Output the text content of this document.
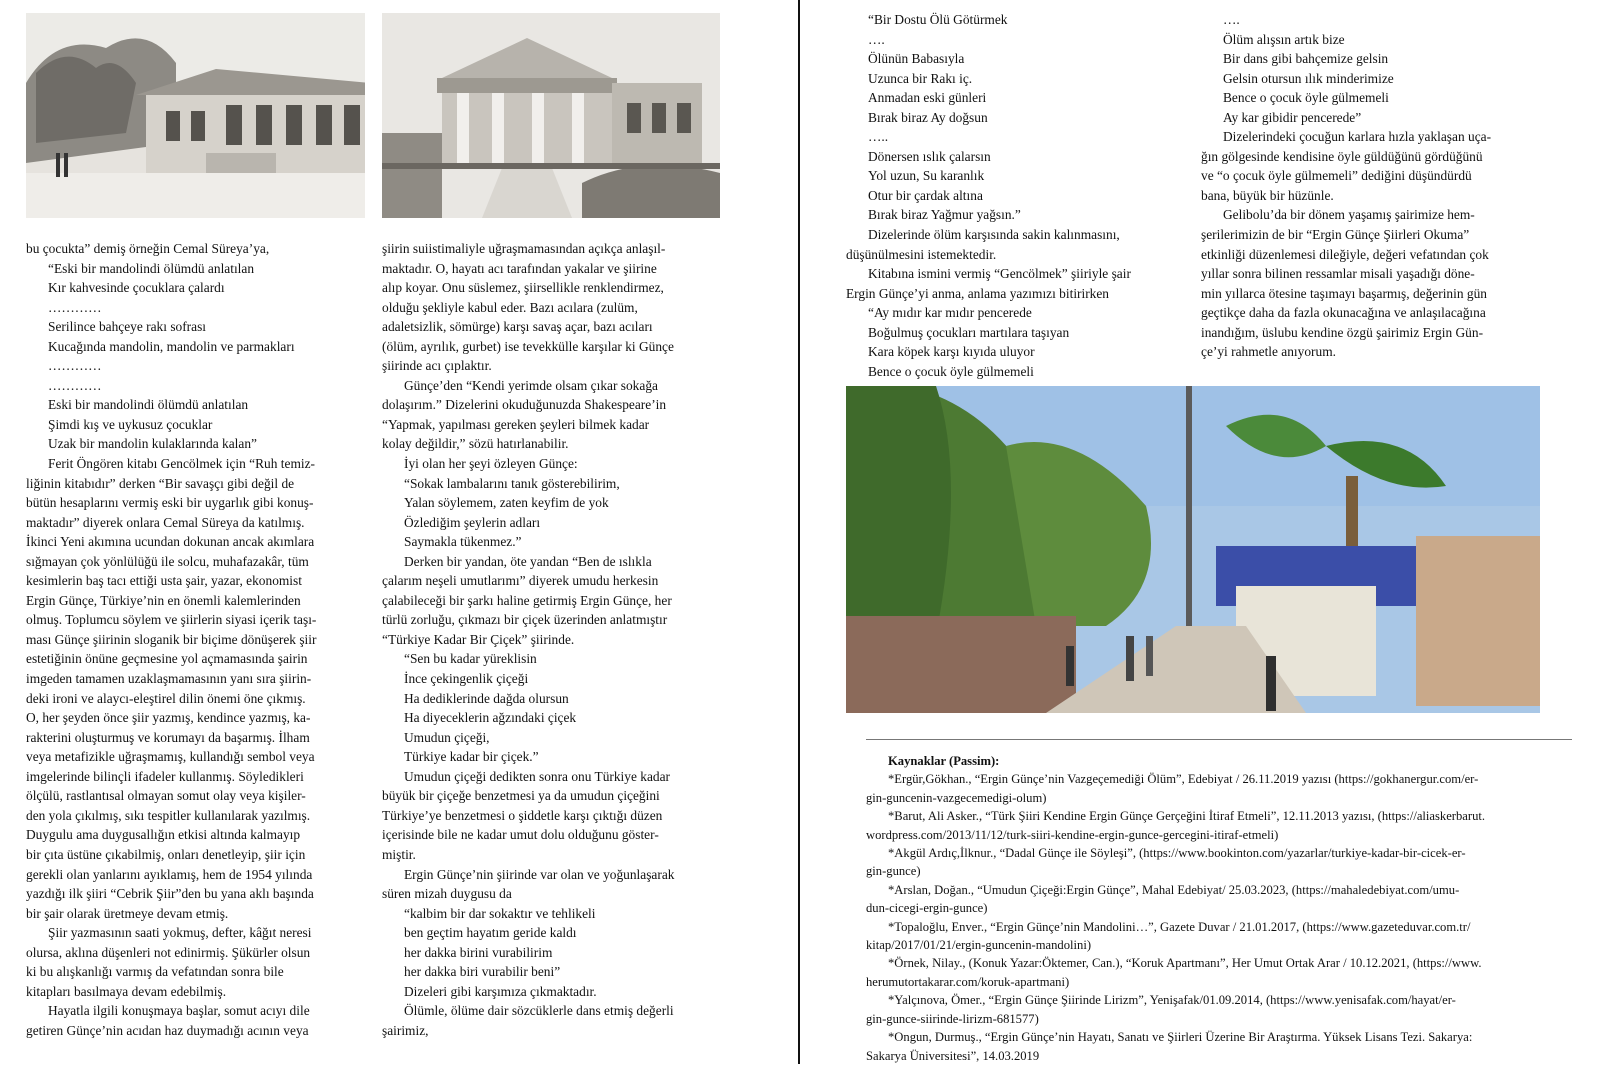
bu çocukta” demiş örneğin Cemal Süreya’ya,

“Eski bir mandolindi ölümdü anlatılan

Kır kahvesinde çocuklara çalardı

…………

Serilince bahçeye rakı sofrası

Kucağında mandolin, mandolin ve parmakları

…………

…………

Eski bir mandolindi ölümdü anlatılan

Şimdi kış ve uykusuz çocuklar

Uzak bir mandolin kulaklarında kalan”

Ferit Öngören kitabı Gencölmek için “Ruh temiz-

liğinin kitabıdır” derken “Bir savaşçı gibi değil de

bütün hesaplarını vermiş eski bir uygarlık gibi konuş-

maktadır” diyerek onlara Cemal Süreya da katılmış.

İkinci Yeni akımına ucundan dokunan ancak akımlara

sığmayan çok yönlülüğü ile solcu, muhafazakâr, tüm

kesimlerin baş tacı ettiği usta şair, yazar, ekonomist

Ergin Günçe, Türkiye’nin en önemli kalemlerinden

olmuş. Toplumcu söylem ve şiirlerin siyasi içerik taşı-

ması Günçe şiirinin sloganik bir biçime dönüşerek şiir

estetiğinin önüne geçmesine yol açmamasında şairin

imgeden tamamen uzaklaşmamasının yanı sıra şiirin-

deki ironi ve alaycı-eleştirel dilin önemi öne çıkmış.

O, her şeyden önce şiir yazmış, kendince yazmış, ka-

rakterini oluşturmuş ve korumayı da başarmış. İlham

veya metafizikle uğraşmamış, kullandığı sembol veya

imgelerinde bilinçli ifadeler kullanmış. Söyledikleri

ölçülü, rastlantısal olmayan somut olay veya kişiler-

den yola çıkılmış, sıkı tespitler kullanılarak yazılmış.

Duygulu ama duygusallığın etkisi altında kalmayıp

bir çıta üstüne çıkabilmiş, onları denetleyip, şiir için

gerekli olan yanlarını ayıklamış, hem de 1954 yılında

yazdığı ilk şiiri “Cebrik Şiir”den bu yana aklı başında

bir şair olarak üretmeye devam etmiş.

Şiir yazmasının saati yokmuş, defter, kâğıt neresi

olursa, aklına düşenleri not edinirmiş. Şükürler olsun

ki bu alışkanlığı varmış da vefatından sonra bile

kitapları basılmaya devam edebilmiş.

Hayatla ilgili konuşmaya başlar, somut acıyı dile

getiren Günçe’nin acıdan haz duymadığı acının veya

şiirin suiistimaliyle uğraşmamasından açıkça anlaşıl-

maktadır. O, hayatı acı tarafından yakalar ve şiirine

alıp koyar. Onu süslemez, şiirsellikle renklendirmez,

olduğu şekliyle kabul eder. Bazı acılara (zulüm,

adaletsizlik, sömürge) karşı savaş açar, bazı acıları

(ölüm, ayrılık, gurbet) ise tevekkülle karşılar ki Günçe

şiirinde acı çıplaktır.

Günçe’den “Kendi yerimde olsam çıkar sokağa

dolaşırım.” Dizelerini okuduğunuzda Shakespeare’in

“Yapmak, yapılması gereken şeyleri bilmek kadar

kolay değildir,” sözü hatırlanabilir.

İyi olan her şeyi özleyen Günçe:

“Sokak lambalarını tanık gösterebilirim,

Yalan söylemem, zaten keyfim de yok

Özlediğim şeylerin adları

Saymakla tükenmez.”

Derken bir yandan, öte yandan “Ben de ıslıkla

çalarım neşeli umutlarımı” diyerek umudu herkesin

çalabileceği bir şarkı haline getirmiş Ergin Günçe, her

türlü zorluğu, çıkmazı bir çiçek üzerinden anlatmıştır

“Türkiye Kadar Bir Çiçek” şiirinde.

“Sen bu kadar yüreklisin

İnce çekingenlik çiçeği

Ha dediklerinde dağda olursun

Ha diyeceklerin ağzındaki çiçek

Umudun çiçeği,

Türkiye kadar bir çiçek.”

Umudun çiçeği dedikten sonra onu Türkiye kadar

büyük bir çiçeğe benzetmesi ya da umudun çiçeğini

Türkiye’ye benzetmesi o şiddetle karşı çıktığı düzen

içerisinde bile ne kadar umut dolu olduğunu göster-

miştir.

Ergin Günçe’nin şiirinde var olan ve yoğunlaşarak

süren mizah duygusu da

“kalbim bir dar sokaktır ve tehlikeli

ben geçtim hayatım geride kaldı

her dakka birini vurabilirim

her dakka biri vurabilir beni”

Dizeleri gibi karşımıza çıkmaktadır.

Ölümle, ölüme dair sözcüklerle dans etmiş değerli

şairimiz,

“Bir Dostu Ölü Götürmek

….

Ölünün Babasıyla

Uzunca bir Rakı iç.

Anmadan eski günleri

Bırak biraz Ay doğsun

…..

Dönersen ıslık çalarsın

Yol uzun, Su karanlık

Otur bir çardak altına

Bırak biraz Yağmur yağsın.”

Dizelerinde ölüm karşısında sakin kalınmasını,

düşünülmesini istemektedir.

Kitabına ismini vermiş “Gencölmek” şiiriyle şair

Ergin Günçe’yi anma, anlama yazımızı bitirirken

“Ay mıdır kar mıdır pencerede

Boğulmuş çocukları martılara taşıyan

Kara köpek karşı kıyıda uluyor

Bence o çocuk öyle gülmemeli

….

Ölüm alışsın artık bize

Bir dans gibi bahçemize gelsin

Gelsin otursun ılık minderimize

Bence o çocuk öyle gülmemeli

Ay kar gibidir pencerede”

Dizelerindeki çocuğun karlara hızla yaklaşan uça-

ğın gölgesinde kendisine öyle güldüğünü gördüğünü

ve “o çocuk öyle gülmemeli” dediğini düşündürdü

bana, büyük bir hüzünle.

Gelibolu’da bir dönem yaşamış şairimize hem-

şerilerimizin de bir “Ergin Günçe Şiirleri Okuma”

etkinliği düzenlemesi dileğiyle, değeri vefatından çok

yıllar sonra bilinen ressamlar misali yaşadığı döne-

min yıllarca ötesine taşımayı başarmış, değerinin gün

geçtikçe daha da fazla okunacağına ve anlaşılacağına

inandığım, üslubu kendine özgü şairimiz Ergin Gün-

çe’yi rahmetle anıyorum.

Kaynaklar (Passim):

*Ergür,Gökhan., “Ergin Günçe’nin Vazgeçemediği Ölüm”, Edebiyat / 26.11.2019 yazısı (https://gokhanergur.com/er-

gin-guncenin-vazgecemedigi-olum)

*Barut, Ali Asker., “Türk Şiiri Kendine Ergin Günçe Gerçeğini İtiraf Etmeli”, 12.11.2013 yazısı, (https://aliaskerbarut.

wordpress.com/2013/11/12/turk-siiri-kendine-ergin-gunce-gercegini-itiraf-etmeli)

*Akgül Ardıç,İlknur., “Dadal Günçe ile Söyleşi”, (https://www.bookinton.com/yazarlar/turkiye-kadar-bir-cicek-er-

gin-gunce)

*Arslan, Doğan., “Umudun Çiçeği:Ergin Günçe”, Mahal Edebiyat/ 25.03.2023, (https://mahaledebiyat.com/umu-

dun-cicegi-ergin-gunce)

*Topaloğlu, Enver., “Ergin Günçe’nin Mandolini…”, Gazete Duvar / 21.01.2017, (https://www.gazeteduvar.com.tr/

kitap/2017/01/21/ergin-guncenin-mandolini)

*Örnek, Nilay., (Konuk Yazar:Öktemer, Can.), “Koruk Apartmanı”, Her Umut Ortak Arar / 10.12.2021, (https://www.

herumutortakarar.com/koruk-apartmani)

*Yalçınova, Ömer., “Ergin Günçe Şiirinde Lirizm”, Yenişafak/01.09.2014, (https://www.yenisafak.com/hayat/er-

gin-gunce-siirinde-lirizm-681577)

*Ongun, Durmuş., “Ergin Günçe’nin Hayatı, Sanatı ve Şiirleri Üzerine Bir Araştırma. Yüksek Lisans Tezi. Sakarya:

Sakarya Üniversitesi”, 14.03.2019
